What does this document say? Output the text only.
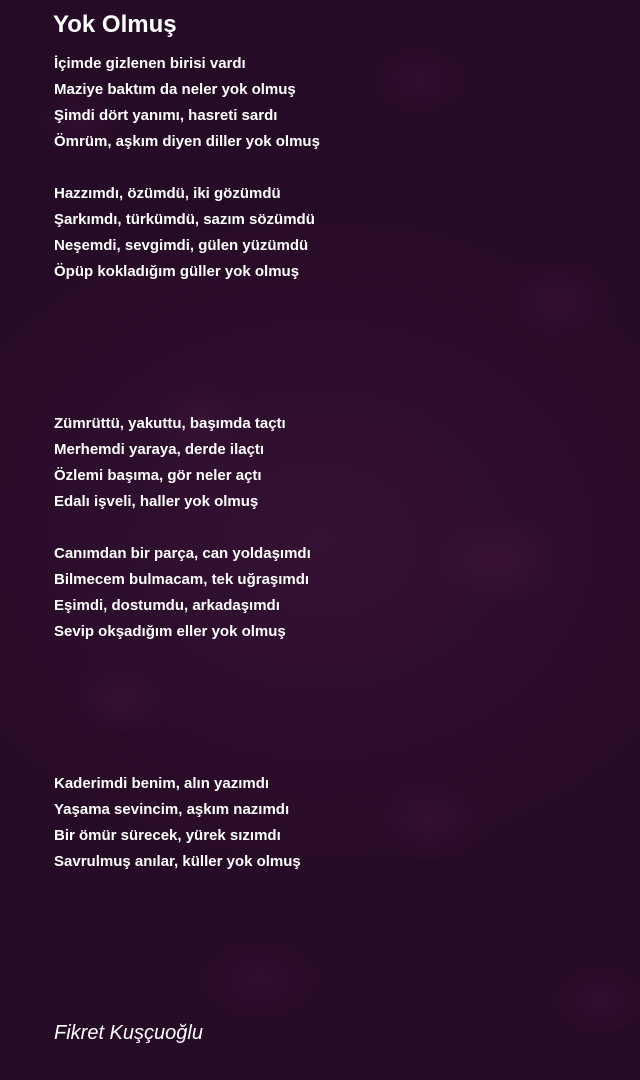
Yok Olmuş
İçimde gizlenen birisi vardı
Maziye baktım da neler yok olmuş
Şimdi dört yanımı, hasreti sardı
Ömrüm, aşkım diyen diller yok olmuş
Hazzımdı, özümdü, iki gözümdü
Şarkımdı, türkümdü, sazım sözümdü
Neşemdi, sevgimdi, gülen yüzümdü
Öpüp kokladığım güller yok olmuş
Zümrüttü, yakuttu, başımda taçtı
Merhemdi yaraya, derde ilaçtı
Özlemi başıma, gör neler açtı
Edalı işveli, haller yok olmuş
Canımdan bir parça, can yoldaşımdı
Bilmecem bulmacam, tek uğraşımdı
Eşimdi, dostumdu, arkadaşımdı
Sevip okşadığım eller yok olmuş
Kaderimdi benim, alın yazımdı
Yaşama sevincim, aşkım nazımdı
Bir ömür sürecek, yürek sızımdı
Savrulmuş anılar, küller yok olmuş

Fikret Kuşçuoğlu
